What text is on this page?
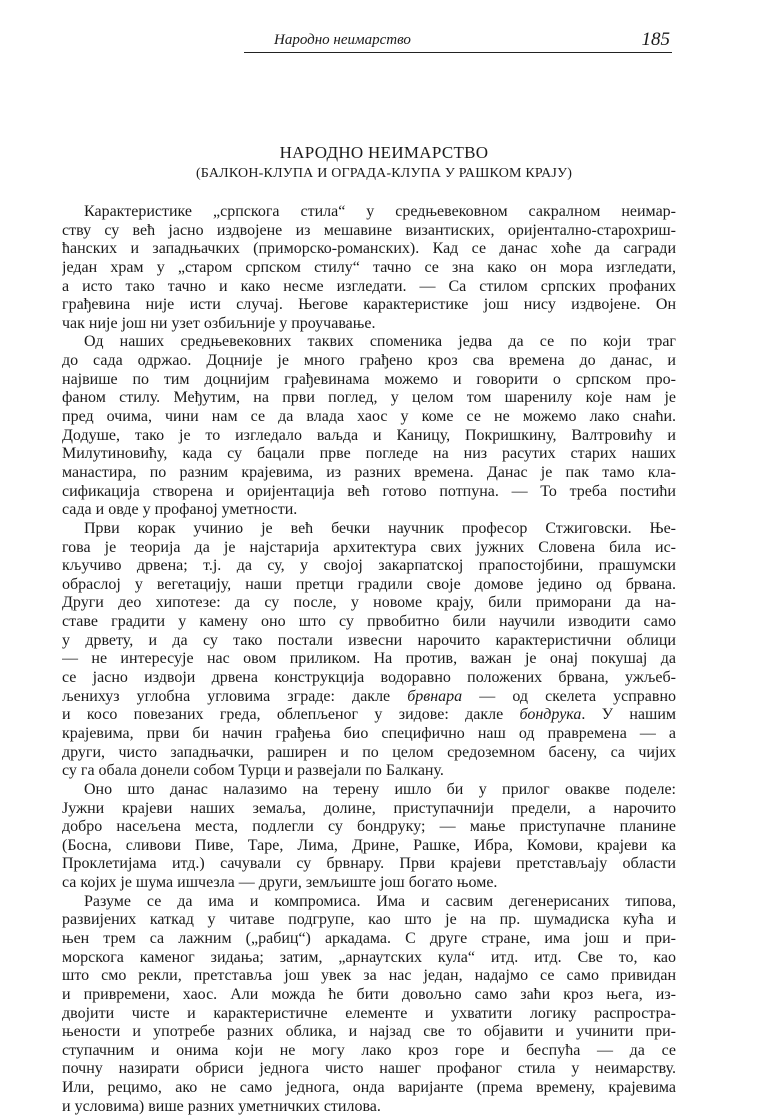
Народно неимарство	185
НАРОДНО НЕИМАРСТВО
(БАЛКОН-КЛУПА И ОГРАДА-КЛУПА У РАШКОМ КРАЈУ)
Карактеристике „српскога стила“ у средњевековном сакралном неимар-
ству су већ јасно издвојене из мешавине византиских, оријентално-старохриш-
ћанских и западњачких (приморско-романских). Кад се данас хоће да сагради
један храм у „старом српском стилу“ тачно се зна како он мора изгледати,
а исто тако тачно и како несме изгледати. — Са стилом српских профаних
грађевина није исти случај. Његове карактеристике још нису издвојене. Он
чак није још ни узет озбиљније у проучавање.
Од наших средњевековних таквих споменика једва да се по који траг
до сада одржао. Доцније је много грађено кроз сва времена до данас, и
највише по тим доцнијим грађевинама можемо и говорити о српском про-
фаном стилу. Међутим, на први поглед, у целом том шаренилу које нам је
пред очима, чини нам се да влада хаос у коме се не можемо лако снаћи.
Додуше, тако је то изгледало ваљда и Каницу, Покришкину, Валтровићу и
Милутиновићу, када су бацали прве погледе на низ расутих старих наших
манастира, по разним крајевима, из разних времена. Данас је пак тамо кла-
сификација створена и оријентација већ готово потпуна. — То треба постићи
сада и овде у профаној уметности.
Први корак учинио је већ бечки научник професор Стжиговски. Ње-
гова је теорија да је најстарија архитектура свих јужних Словена била ис-
кључиво дрвена; т.ј. да су, у својој закарпатској прапостојбини, прашумски
обраслој у вегетацију, наши претци градили своје домове једино од брвана.
Други део хипотезе: да су после, у новоме крају, били приморани да на-
ставе градити у камену оно што су првобитно били научили изводити само
у дрвету, и да су тако постали извесни нарочито карактеристични облици
— не интересује нас овом приликом. На против, важан је онај покушај да
се јасно издвоји дрвена конструкција водоравно положених брвана, ужљеб-
љенихуз углобна угловима зграде: дакле брвнара — од скелета усправно
и косо повезаних греда, облепљеног у зидове: дакле бондрука. У нашим
крајевима, први би начин грађења био специфично наш од правремена — а
други, чисто западњачки, раширен и по целом средоземном басену, са чијих
су га обала донели собом Турци и развејали по Балкану.
Оно што данас налазимо на терену ишло би у прилог овакве поделе:
Јужни крајеви наших земаља, долине, приступачнији предели, а нарочито
добро насељена места, подлегли су бондруку; — мање приступачне планине
(Босна, сливови Пиве, Таре, Лима, Дрине, Рашке, Ибра, Комови, крајеви ка
Проклетијама итд.) сачували су брвнару. Први крајеви претстављају области
са којих је шума ишчезла — други, земљиште још богато њоме.
Разуме се да има и компромиса. Има и сасвим дегенерисаних типова,
развијених каткад у читаве подгрупе, као што је на пр. шумадиска кућа и
њен трем са лажним („рабиц“) аркадама. С друге стране, има још и при-
морскога каменог зидања; затим, „арнаутских кула“ итд. итд. Све то, као
што смо рекли, претставља још увек за нас један, надајмо се само привидан
и привремени, хаос. Али можда ће бити довољно само заћи кроз њега, из-
двојити чисте и карактеристичне елементе и ухватити логику распростра-
њености и употребе разних облика, и најзад све то објавити и учинити при-
ступачним и онима који не могу лако кроз горе и беспућа — да се
почну назирати обриси једнога чисто нашег профаног стила у неимарству.
Или, рецимо, ако не само једнога, онда варијанте (према времену, крајевима
и условима) више разних уметничких стилова.
